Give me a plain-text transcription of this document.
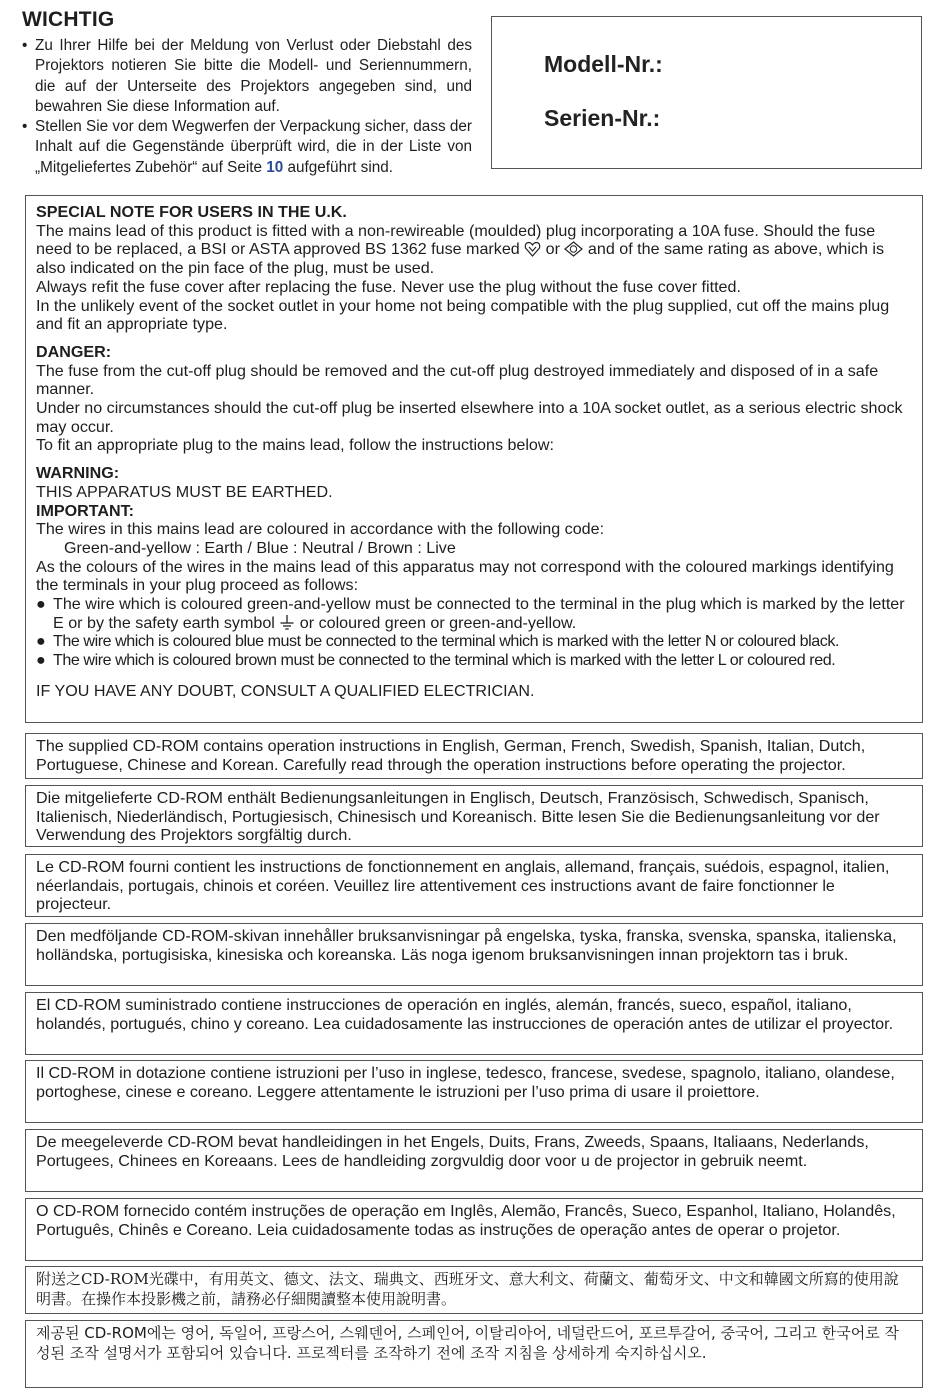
WICHTIG
• Zu Ihrer Hilfe bei der Meldung von Verlust oder Diebstahl des Projektors notieren Sie bitte die Modell- und Seriennummern, die auf der Unterseite des Projektors angegeben sind, und bewahren Sie diese Information auf.
• Stellen Sie vor dem Wegwerfen der Verpackung sicher, dass der Inhalt auf die Gegenstände überprüft wird, die in der Liste von „Mitgeliefertes Zubehör“ auf Seite 10 aufgeführt sind.
Modell-Nr.:
Serien-Nr.:

SPECIAL NOTE FOR USERS IN THE U.K.

The mains lead of this product is fitted with a non-rewireable (moulded) plug incorporating a 10A fuse. Should the fuse need to be replaced, a BSI or ASTA approved BS 1362 fuse marked  or  and of the same rating as above, which is also indicated on the pin face of the plug, must be used.

Always refit the fuse cover after replacing the fuse. Never use the plug without the fuse cover fitted.

In the unlikely event of the socket outlet in your home not being compatible with the plug supplied, cut off the mains plug and fit an appropriate type.

DANGER:

The fuse from the cut-off plug should be removed and the cut-off plug destroyed immediately and disposed of in a safe manner.

Under no circumstances should the cut-off plug be inserted elsewhere into a 10A socket outlet, as a serious electric shock may occur.

To fit an appropriate plug to the mains lead, follow the instructions below:

WARNING:

THIS APPARATUS MUST BE EARTHED.

IMPORTANT:

The wires in this mains lead are coloured in accordance with the following code:

Green-and-yellow : Earth / Blue : Neutral / Brown : Live

As the colours of the wires in the mains lead of this apparatus may not correspond with the coloured markings identifying the terminals in your plug proceed as follows:

● The wire which is coloured green-and-yellow must be connected to the terminal in the plug which is marked by the letter E or by the safety earth symbol  or coloured green or green-and-yellow.

● The wire which is coloured blue must be connected to the terminal which is marked with the letter N or coloured black.

● The wire which is coloured brown must be connected to the terminal which is marked with the letter L or coloured red.

IF YOU HAVE ANY DOUBT, CONSULT A QUALIFIED ELECTRICIAN.

The supplied CD-ROM contains operation instructions in English, German, French, Swedish, Spanish, Italian, Dutch, Portuguese, Chinese and Korean. Carefully read through the operation instructions before operating the projector.
Die mitgelieferte CD-ROM enthält Bedienungsanleitungen in Englisch, Deutsch, Französisch, Schwedisch, Spanisch, Italienisch, Niederländisch, Portugiesisch, Chinesisch und Koreanisch. Bitte lesen Sie die Bedienungsanleitung vor der Verwendung des Projektors sorgfältig durch.
Le CD-ROM fourni contient les instructions de fonctionnement en anglais, allemand, français, suédois, espagnol, italien, néerlandais, portugais, chinois et coréen. Veuillez lire attentivement ces instructions avant de faire fonctionner le projecteur.
Den medföljande CD-ROM-skivan innehåller bruksanvisningar på engelska, tyska, franska, svenska, spanska, italienska, holländska, portugisiska, kinesiska och koreanska. Läs noga igenom bruksanvisningen innan projektorn tas i bruk.
El CD-ROM suministrado contiene instrucciones de operación en inglés, alemán, francés, sueco, español, italiano, holandés, portugués, chino y coreano. Lea cuidadosamente las instrucciones de operación antes de utilizar el proyector.
Il CD-ROM in dotazione contiene istruzioni per l’uso in inglese, tedesco, francese, svedese, spagnolo, italiano, olandese, portoghese, cinese e coreano. Leggere attentamente le istruzioni per l’uso prima di usare il proiettore.
De meegeleverde CD-ROM bevat handleidingen in het Engels, Duits, Frans, Zweeds, Spaans, Italiaans, Nederlands, Portugees, Chinees en Koreaans. Lees de handleiding zorgvuldig door voor u de projector in gebruik neemt.
O CD-ROM fornecido contém instruções de operação em Inglês, Alemão, Francês, Sueco, Espanhol, Italiano, Holandês, Português, Chinês e Coreano. Leia cuidadosamente todas as instruções de operação antes de operar o projetor.
附送之CD-ROM光碟中，有用英文、德文、法文、瑞典文、西班牙文、意大利文、荷蘭文、葡萄牙文、中文和韓國文所寫的使用說明書。在操作本投影機之前，請務必仔細閱讀整本使用說明書。
제공된 CD-ROM에는 영어, 독일어, 프랑스어, 스웨덴어, 스페인어, 이탈리아어, 네덜란드어, 포르투갈어, 중국어, 그리고 한국어로 작성된 조작 설명서가 포함되어 있습니다. 프로젝터를 조작하기 전에 조작 지침을 상세하게 숙지하십시오.
